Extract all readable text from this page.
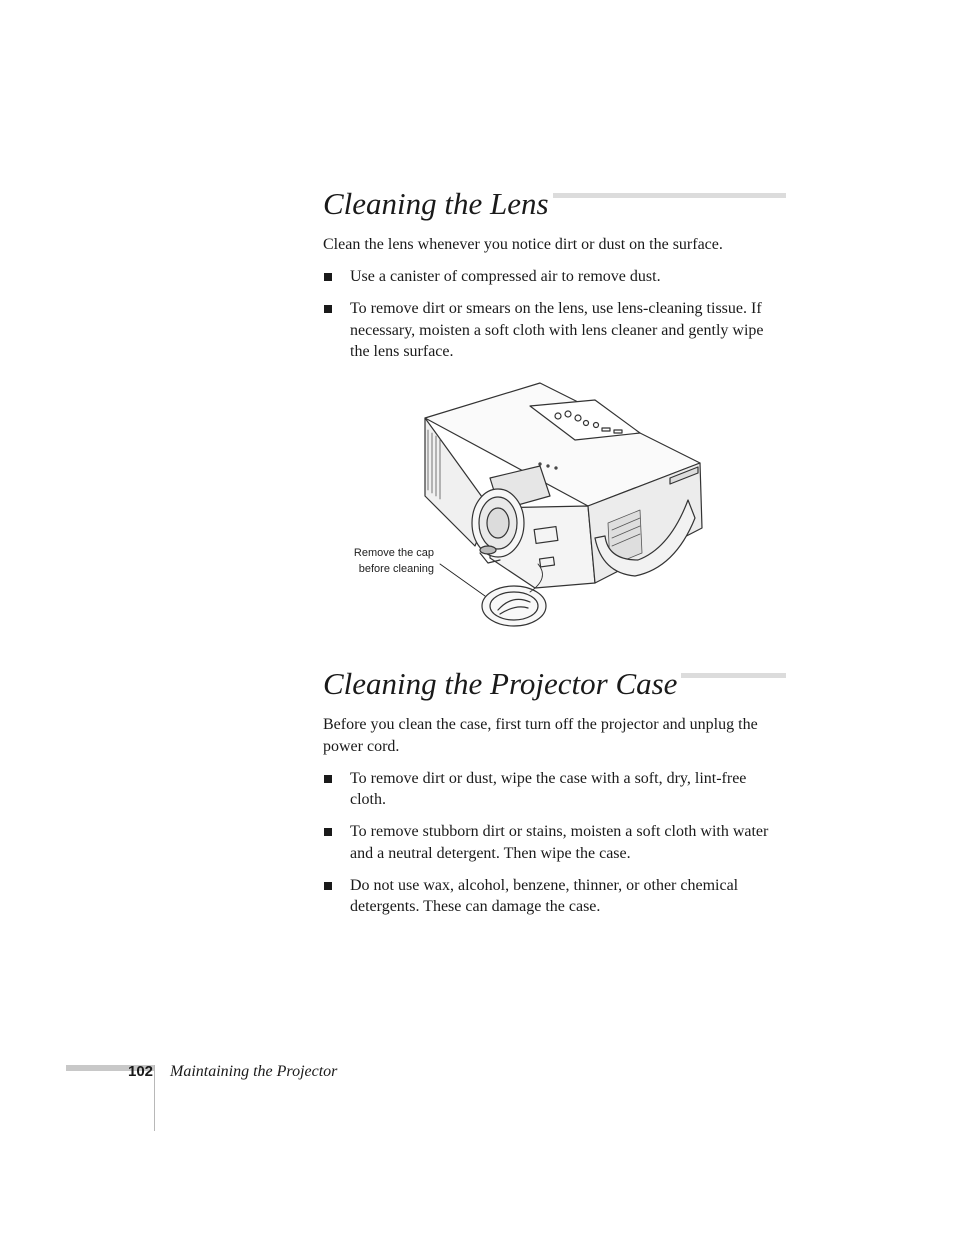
Cleaning the Lens

Clean the lens whenever you notice dirt or dust on the surface.

Use a canister of compressed air to remove dust.
To remove dirt or smears on the lens, use lens-cleaning tissue. If necessary, moisten a soft cloth with lens cleaner and gently wipe the lens surface.
Remove the cap
before cleaning
Cleaning the Projector Case

Before you clean the case, first turn off the projector and unplug the power cord.

To remove dirt or dust, wipe the case with a soft, dry, lint-free cloth.
To remove stubborn dirt or stains, moisten a soft cloth with water and a neutral detergent. Then wipe the case.
Do not use wax, alcohol, benzene, thinner, or other chemical detergents. These can damage the case.
102 Maintaining the Projector
